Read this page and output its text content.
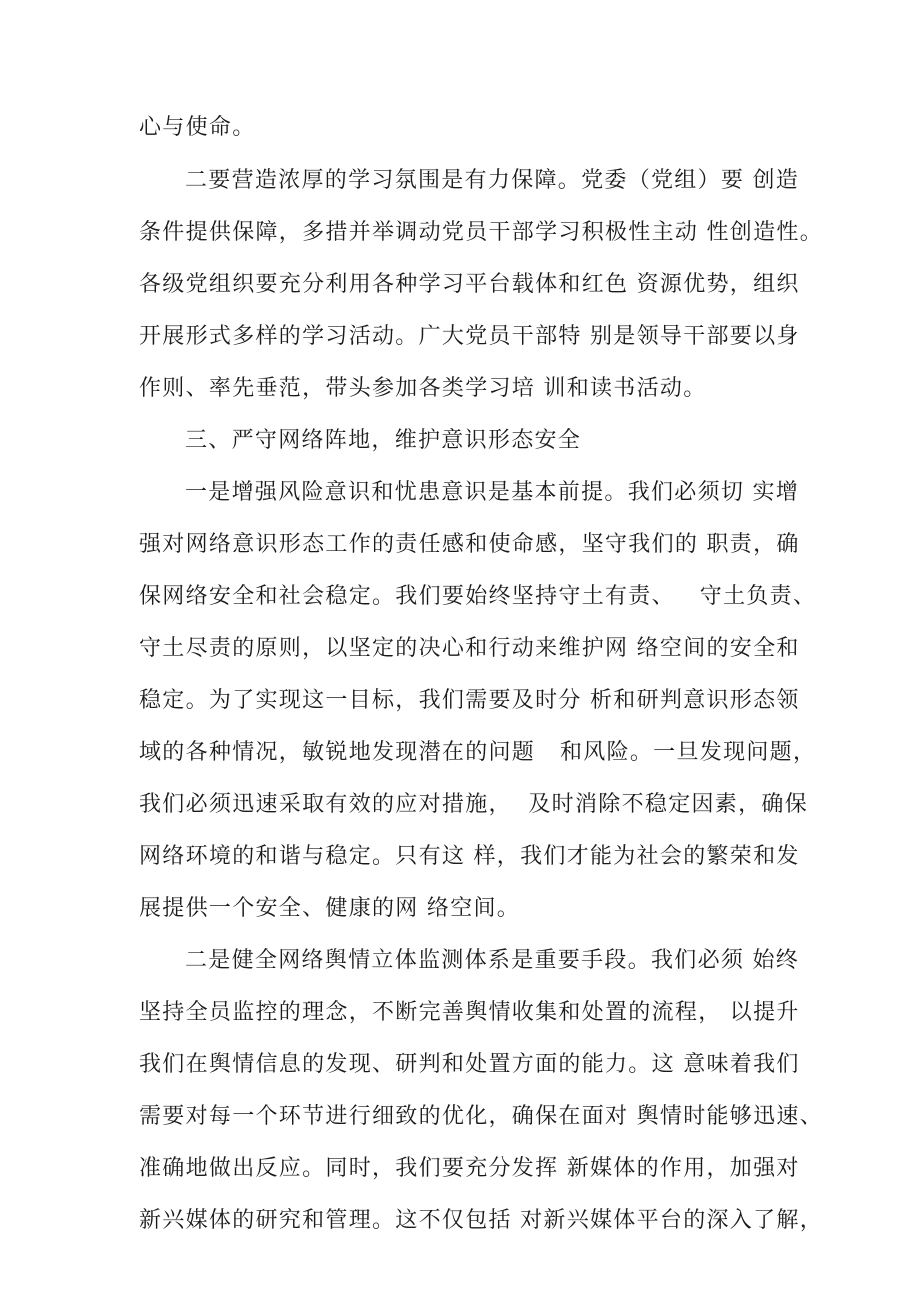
心与使命。
二要营造浓厚的学习氛围是有力保障。党委（党组）要 创造
条件提供保障，多措并举调动党员干部学习积极性主动 性创造性。
各级党组织要充分利用各种学习平台载体和红色 资源优势，组织
开展形式多样的学习活动。广大党员干部特 别是领导干部要以身
作则、率先垂范，带头参加各类学习培 训和读书活动。
三、严守网络阵地，维护意识形态安全
一是增强风险意识和忧患意识是基本前提。我们必须切 实增
强对网络意识形态工作的责任感和使命感，坚守我们的 职责，确
保网络安全和社会稳定。我们要始终坚持守土有责、   守土负责、
守土尽责的原则，以坚定的决心和行动来维护网 络空间的安全和
稳定。为了实现这一目标，我们需要及时分 析和研判意识形态领
域的各种情况，敏锐地发现潜在的问题   和风险。一旦发现问题，
我们必须迅速采取有效的应对措施，  及时消除不稳定因素，确保
网络环境的和谐与稳定。只有这 样，我们才能为社会的繁荣和发
展提供一个安全、健康的网 络空间。
二是健全网络舆情立体监测体系是重要手段。我们必须 始终
坚持全员监控的理念，不断完善舆情收集和处置的流程， 以提升
我们在舆情信息的发现、研判和处置方面的能力。这 意味着我们
需要对每一个环节进行细致的优化，确保在面对 舆情时能够迅速、
准确地做出反应。同时，我们要充分发挥 新媒体的作用，加强对
新兴媒体的研究和管理。这不仅包括 对新兴媒体平台的深入了解，
